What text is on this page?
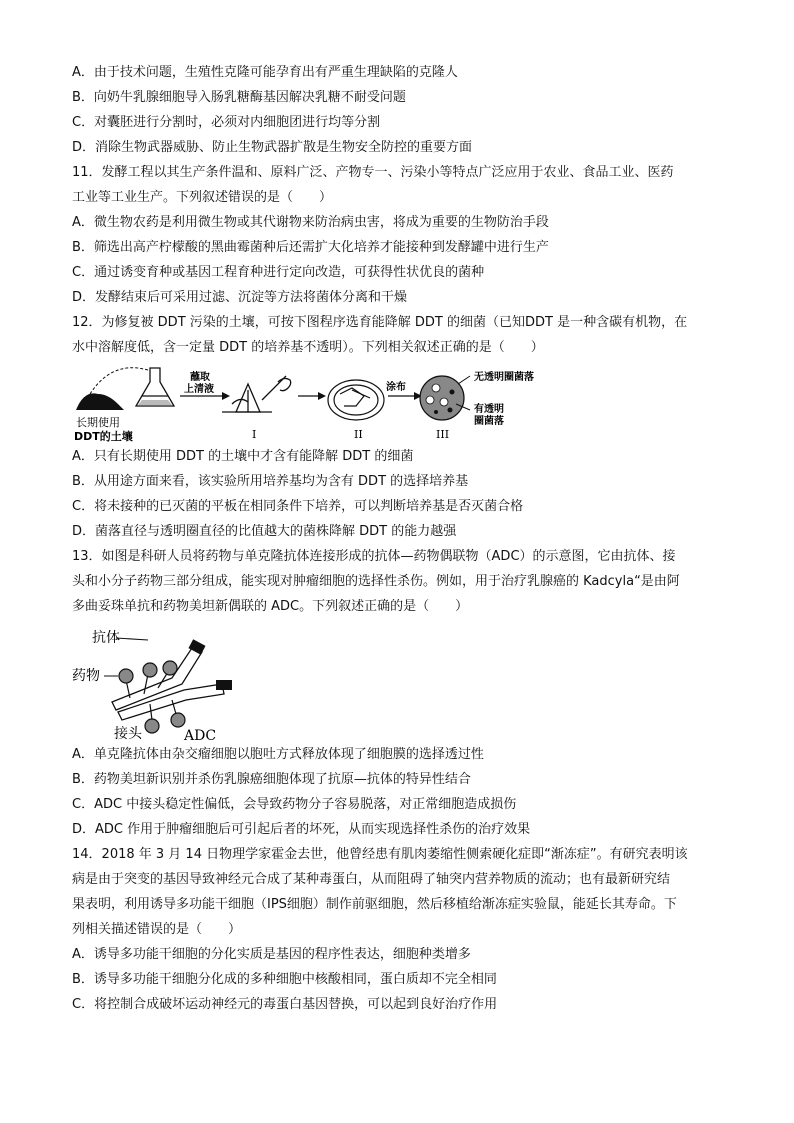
A．由于技术问题，生殖性克隆可能孕育出有严重生理缺陷的克隆人
B．向奶牛乳腺细胞导入肠乳糖酶基因解决乳糖不耐受问题
C．对囊胚进行分割时，必须对内细胞团进行均等分割
D．消除生物武器威胁、防止生物武器扩散是生物安全防控的重要方面
11．发酵工程以其生产条件温和、原料广泛、产物专一、污染小等特点广泛应用于农业、食品工业、医药
工业等工业生产。下列叙述错误的是（　　）
A．微生物农药是利用微生物或其代谢物来防治病虫害，将成为重要的生物防治手段
B．筛选出高产柠檬酸的黑曲霉菌种后还需扩大化培养才能接种到发酵罐中进行生产
C．通过诱变育种或基因工程育种进行定向改造，可获得性状优良的菌种
D．发酵结束后可采用过滤、沉淀等方法将菌体分离和干燥
12．为修复被 DDT 污染的土壤，可按下图程序选育能降解 DDT 的细菌（已知DDT 是一种含碳有机物，在
水中溶解度低，含一定量 DDT 的培养基不透明）。下列相关叙述正确的是（　　）
长期使用
DDT的土壤
蘸取
上清液
I	II
涂布
无透明圈菌落
有透明
圈菌落
III
A．只有长期使用 DDT 的土壤中才含有能降解 DDT 的细菌
B．从用途方面来看，该实验所用培养基均为含有 DDT 的选择培养基
C．将未接种的已灭菌的平板在相同条件下培养，可以判断培养基是否灭菌合格
D．菌落直径与透明圈直径的比值越大的菌株降解 DDT 的能力越强
13．如图是科研人员将药物与单克隆抗体连接形成的抗体—药物偶联物（ADC）的示意图，它由抗体、接
头和小分子药物三部分组成，能实现对肿瘤细胞的选择性杀伤。例如，用于治疗乳腺癌的 Kadcyla“是由阿
多曲妥珠单抗和药物美坦新偶联的 ADC。下列叙述正确的是（　　）
抗体
药物
接头	ADC
A．单克隆抗体由杂交瘤细胞以胞吐方式释放体现了细胞膜的选择透过性
B．药物美坦新识别并杀伤乳腺癌细胞体现了抗原—抗体的特异性结合
C．ADC 中接头稳定性偏低，会导致药物分子容易脱落，对正常细胞造成损伤
D．ADC 作用于肿瘤细胞后可引起后者的坏死，从而实现选择性杀伤的治疗效果
14．2018 年 3 月 14 日物理学家霍金去世，他曾经患有肌肉萎缩性侧索硬化症即“渐冻症”。有研究表明该
病是由于突变的基因导致神经元合成了某种毒蛋白，从而阻碍了轴突内营养物质的流动；也有最新研究结
果表明，利用诱导多功能干细胞（IPS细胞）制作前驱细胞，然后移植给渐冻症实验鼠，能延长其寿命。下
列相关描述错误的是（　　）
A．诱导多功能干细胞的分化实质是基因的程序性表达，细胞种类增多
B．诱导多功能干细胞分化成的多种细胞中核酸相同，蛋白质却不完全相同
C．将控制合成破坏运动神经元的毒蛋白基因替换，可以起到良好治疗作用
